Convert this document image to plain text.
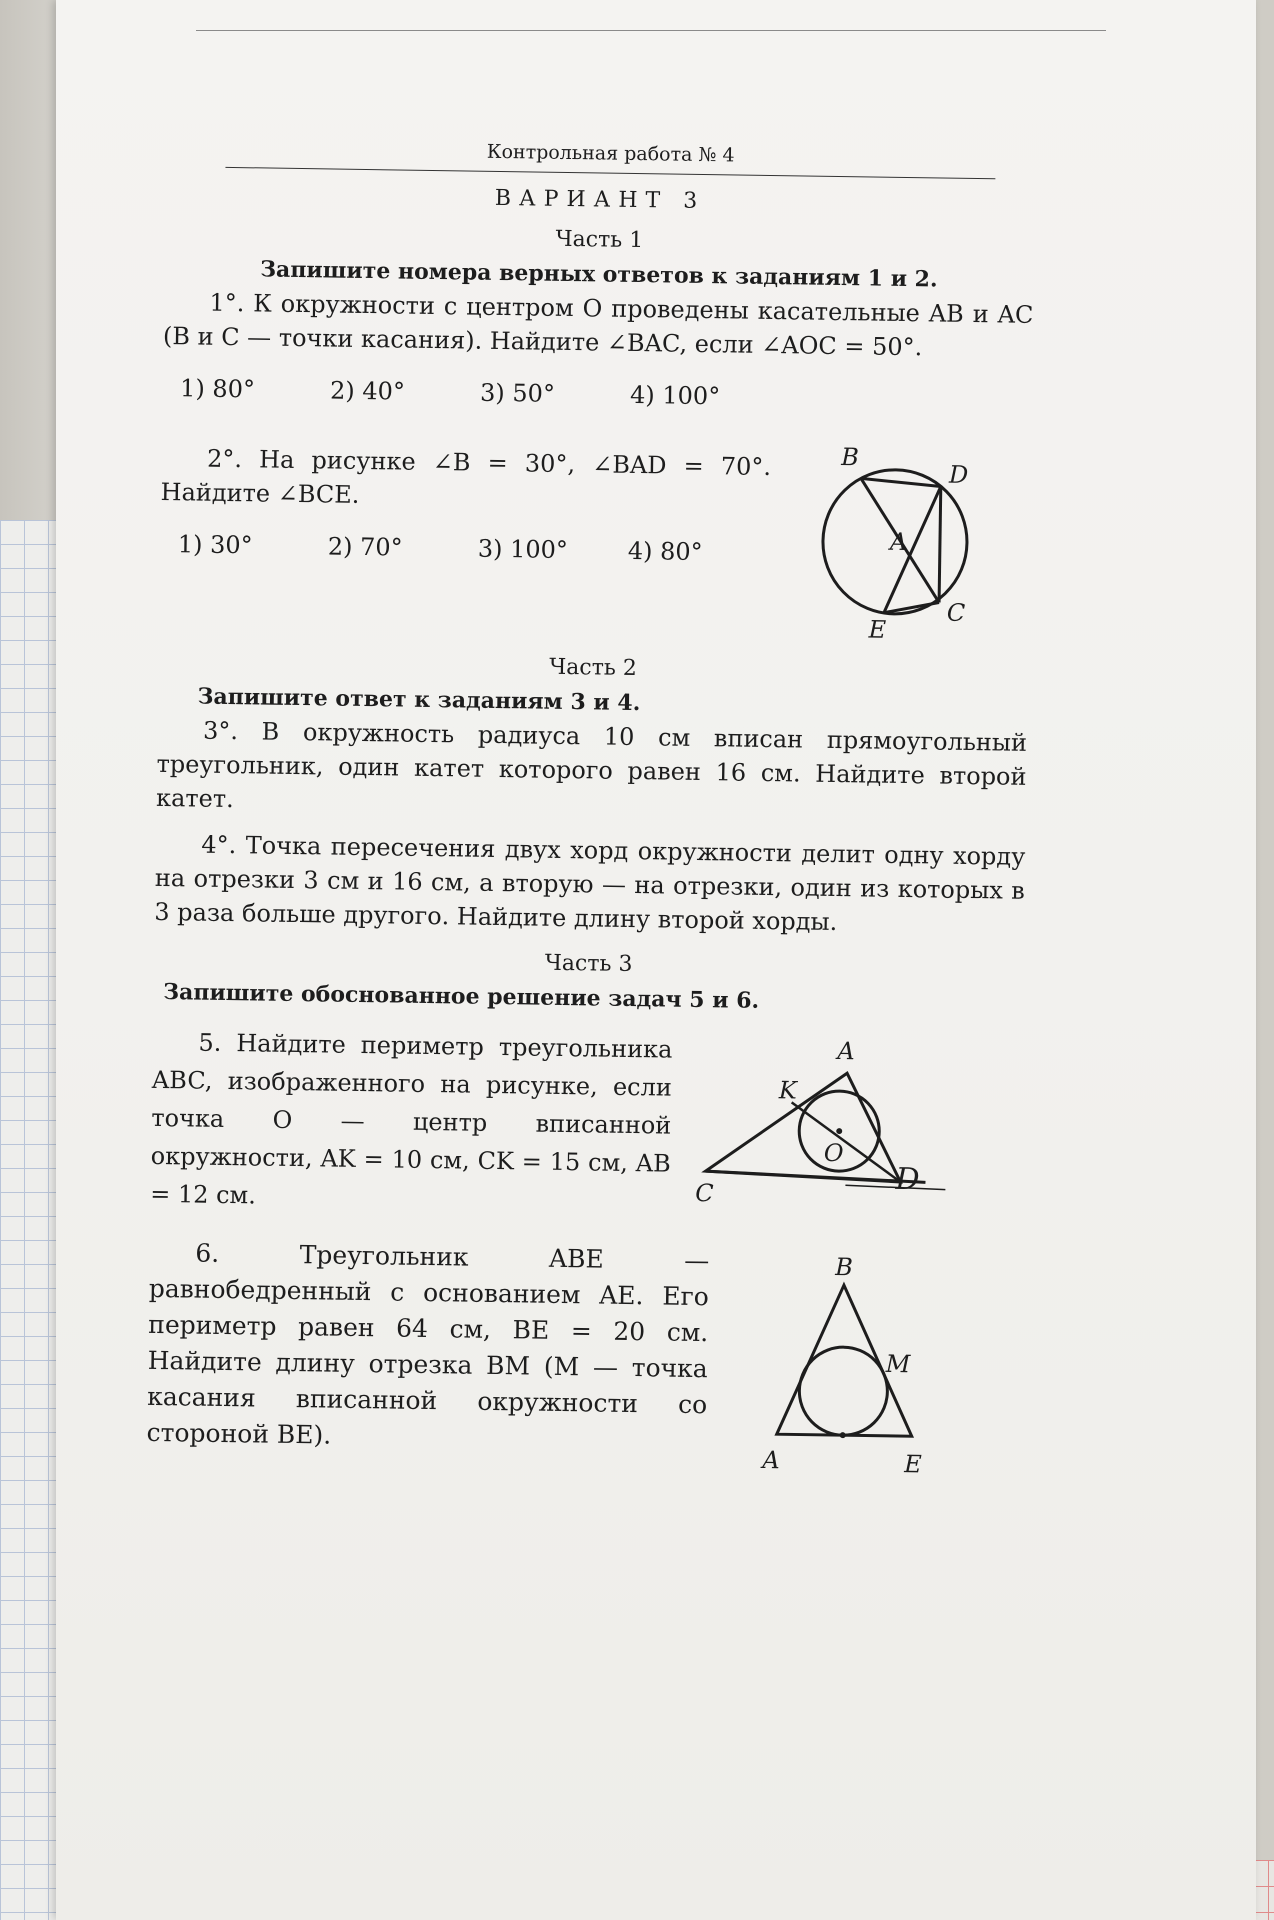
Контрольная работа № 4
ВАРИАНТ 3
Часть 1
Запишите номера верных ответов к заданиям 1 и 2.

1°. К окружности с центром O проведены касательные AB и AC (B и C — точки касания). Найдите ∠BAC, если ∠AOC = 50°.

1) 80°	2) 40°	3) 50°	4) 100°

2°. На рисунке ∠B = 30°, ∠BAD = 70°. Найдите ∠BCE.

1) 30°	2) 70°	3) 100°	4) 80°
B
D
A
E
C
Часть 2
Запишите ответ к заданиям 3 и 4.

3°. В окружность радиуса 10 см вписан прямоугольный треугольник, один катет которого равен 16 см. Найдите второй катет.

4°. Точка пересечения двух хорд окружности делит одну хорду на отрезки 3 см и 16 см, а вторую — на отрезки, один из которых в 3 раза больше другого. Найдите длину второй хорды.

Часть 3
Запишите обоснованное решение задач 5 и 6.

5. Найдите периметр треугольника ABC, изображенного на рисунке, если точка O — центр вписанной окружности, AK = 10 см, CK = 15 см, AB = 12 см.

A
K
O
C	D

6. Треугольник ABE — равнобедренный с основанием AE. Его периметр равен 64 см, BE = 20 см. Найдите длину отрезка BM (M — точка касания вписанной окружности со стороной BE).

B
M
A	E
